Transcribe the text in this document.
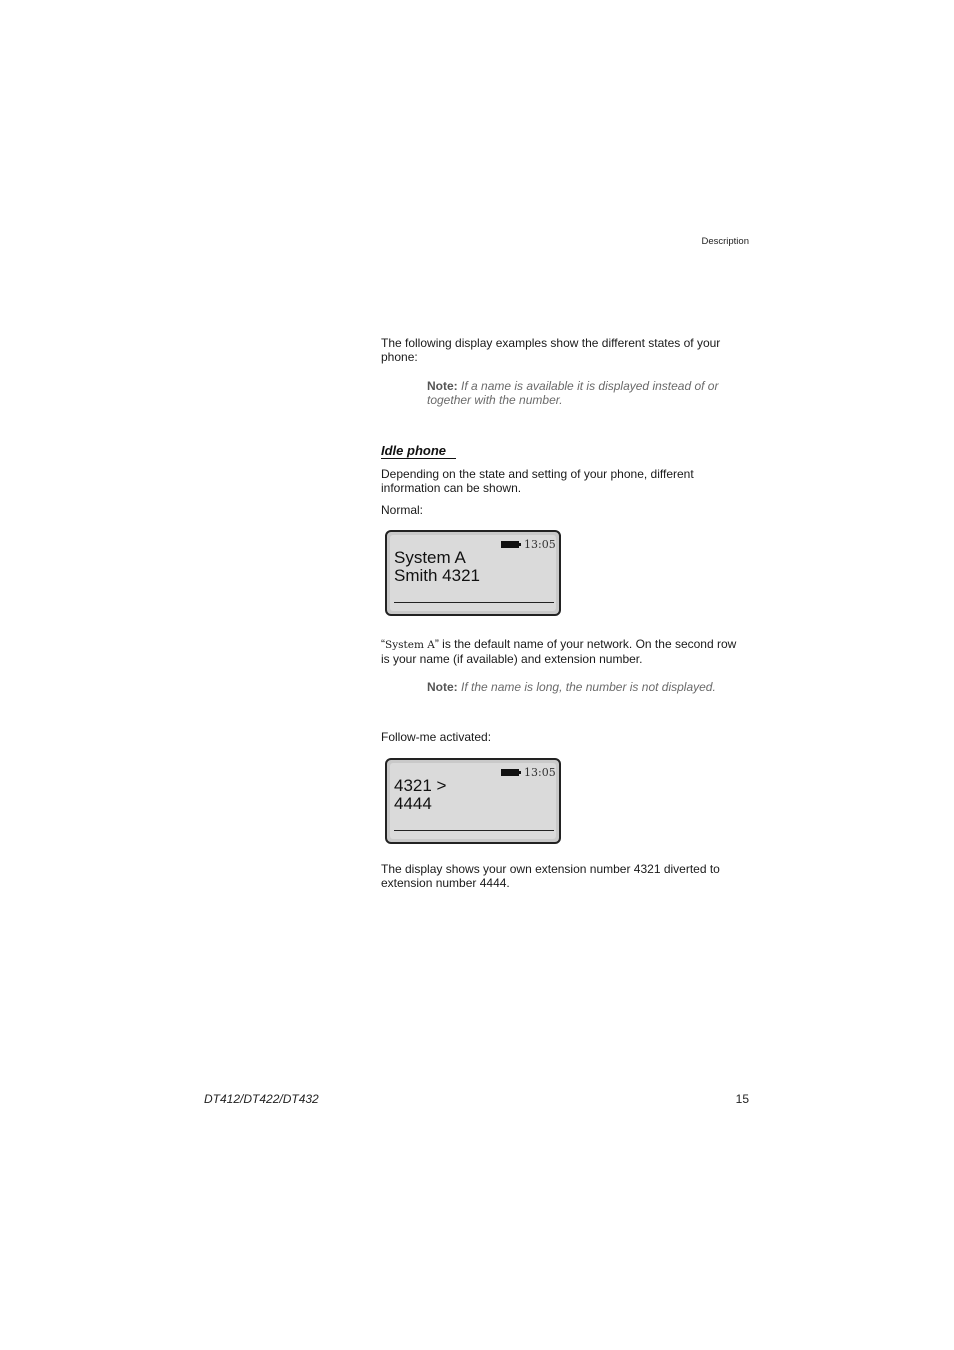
Description
The following display examples show the different states of your
phone:
Note: If a name is available it is displayed instead of or
together with the number.
Idle phone
Depending on the state and setting of your phone, different
information can be shown.
Normal:
13:05
System A
Smith 4321
“System A” is the default name of your network. On the second row
is your name (if available) and extension number.
Note: If the name is long, the number is not displayed.
Follow-me activated:
13:05
4321 >
4444
The display shows your own extension number 4321 diverted to
extension number 4444.
DT412/DT422/DT432	15
